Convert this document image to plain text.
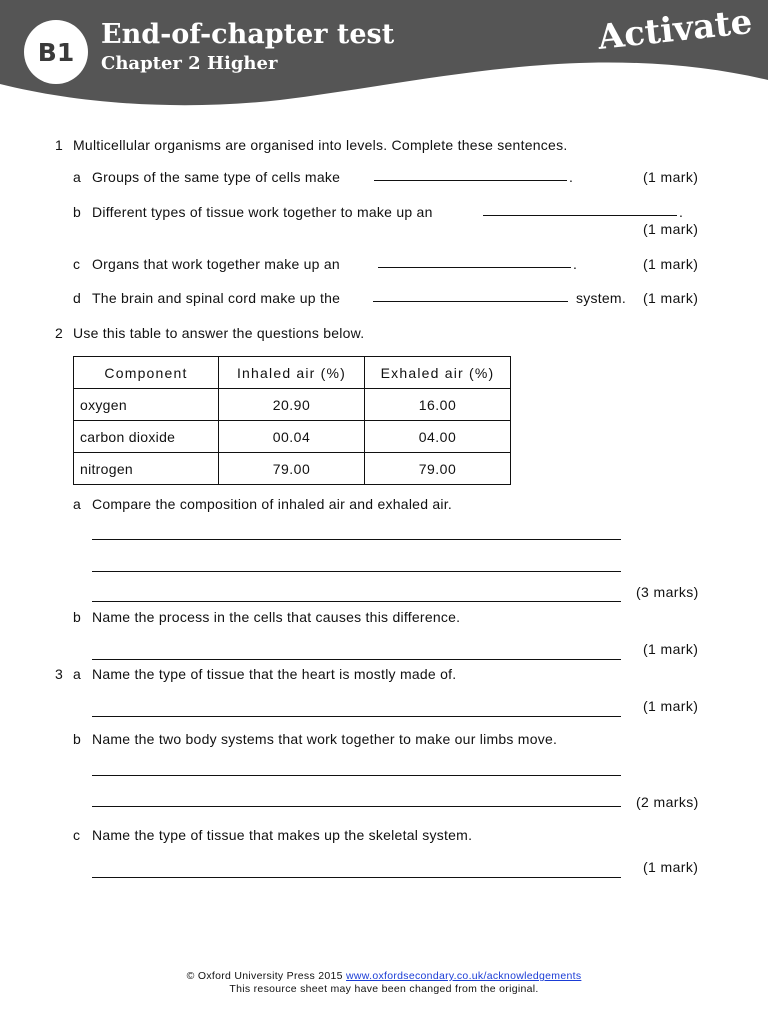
B1
End-of-chapter test
Chapter 2 Higher
Activate
1 Multicellular organisms are organised into levels. Complete these sentences.
a Groups of the same type of cells make	.	(1 mark)
b Different types of tissue work together to make up an	.
(1 mark)
c Organs that work together make up an	.	(1 mark)
d The brain and spinal cord make up the	system. (1 mark)
2 Use this table to answer the questions below.
Component	Inhaled air (%)	Exhaled air (%)
oxygen	20.90	16.00
carbon dioxide	00.04	04.00
nitrogen	79.00	79.00
a Compare the composition of inhaled air and exhaled air.
(3 marks)
b Name the process in the cells that causes this difference.
(1 mark)
3 a Name the type of tissue that the heart is mostly made of.
(1 mark)
b Name the two body systems that work together to make our limbs move.
(2 marks)
c Name the type of tissue that makes up the skeletal system.
(1 mark)
© Oxford University Press 2015 www.oxfordsecondary.co.uk/acknowledgements
This resource sheet may have been changed from the original.
